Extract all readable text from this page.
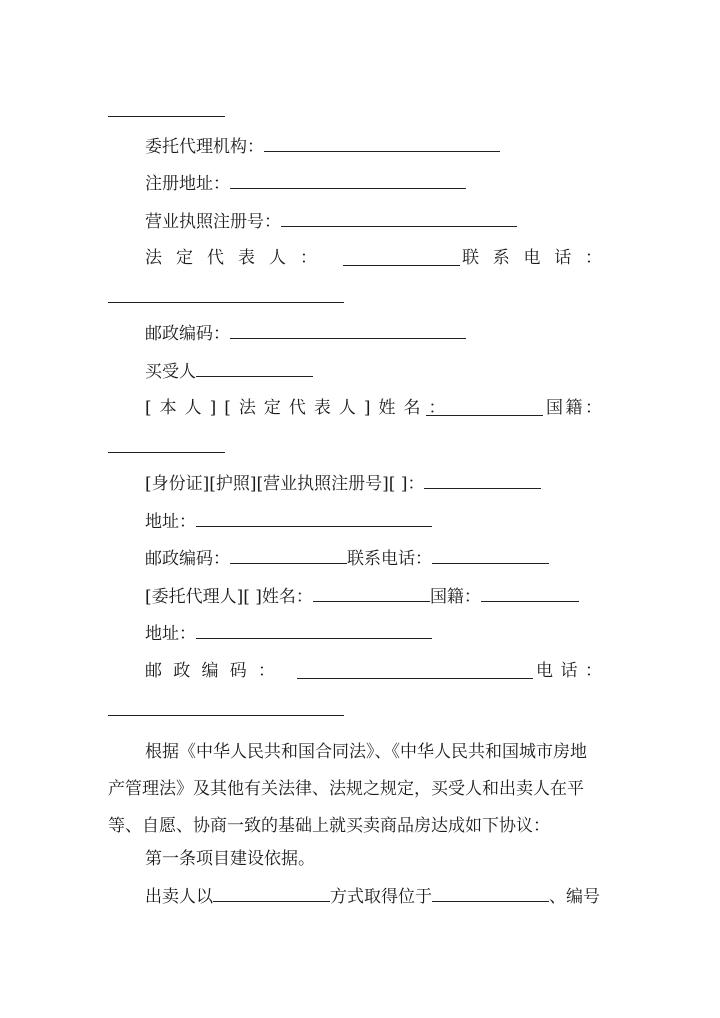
委托代理机构：
注册地址：
营业执照注册号：
法 定 代 表 人 ：	联 系 电 话 ：
邮政编码：
买受人
[本人][法定代表人]姓名：	国 籍 ：
[身份证][护照][营业执照注册号][ ]：
地址：
邮政编码：	联系电话：
[委托代理人][ ]姓名：	国籍：
地址：
邮 政 编 码 ：	电 话 ：
根据《中华人民共和国合同法》、《中华人民共和国城市房地
产管理法》及其他有关法律、法规之规定，买受人和出卖人在平
等、自愿、协商一致的基础上就买卖商品房达成如下协议：
第一条项目建设依据。
出卖人以	方式取得位于	、编号
